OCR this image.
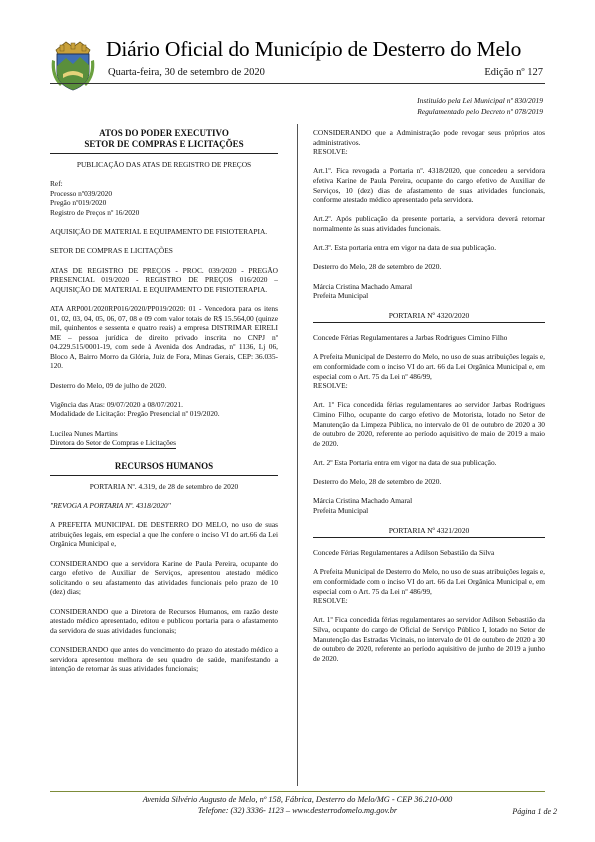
Diário Oficial do Município de Desterro do Melo
Quarta-feira, 30 de setembro de 2020	Edição nº 127
Instituído pela Lei Municipal nº 830/2019
Regulamentado pelo Decreto nº 078/2019
ATOS DO PODER EXECUTIVO
SETOR DE COMPRAS E LICITAÇÕES
PUBLICAÇÃO DAS ATAS DE REGISTRO DE PREÇOS
Ref:
Processo nº039/2020
Pregão nº019/2020
Registro de Preços nº 16/2020
AQUISIÇÃO DE MATERIAL E EQUIPAMENTO DE FISIOTERAPIA.
SETOR DE COMPRAS E LICITAÇÕES
ATAS DE REGISTRO DE PREÇOS - PROC. 039/2020 - PREGÃO PRESENCIAL 019/2020 - REGISTRO DE PREÇOS 016/2020 – AQUISIÇÃO DE MATERIAL E EQUIPAMENTO DE FISIOTERAPIA.
ATA ARP001/2020RP016/2020/PP019/2020: 01 - Vencedora para os itens 01, 02, 03, 04, 05, 06, 07, 08 e 09 com valor totais de R$ 15.564,00 (quinze mil, quinhentos e sessenta e quatro reais) a empresa DISTRIMAR EIRELI ME – pessoa jurídica de direito privado inscrita no CNPJ nº 04.229.515/0001-19, com sede à Avenida dos Andradas, nº 1136, Lj 06, Bloco A, Bairro Morro da Glória, Juiz de Fora, Minas Gerais, CEP: 36.035-120.
Desterro do Melo, 09 de julho de 2020.
Vigência das Atas: 09/07/2020 a 08/07/2021.
Modalidade de Licitação: Pregão Presencial nº 019/2020.
Lucilea Nunes Martins
Diretora do Setor de Compras e Licitações
RECURSOS HUMANOS
PORTARIA Nº. 4.319, de 28 de setembro de 2020
"REVOGA A PORTARIA Nº. 4318/2020"
A PREFEITA MUNICIPAL DE DESTERRO DO MELO, no uso de suas atribuições legais, em especial a que lhe confere o inciso VI do art.66 da Lei Orgânica Municipal e,
CONSIDERANDO que a servidora Karine de Paula Pereira, ocupante do cargo efetivo de Auxiliar de Serviços, apresentou atestado médico solicitando o seu afastamento das atividades funcionais pelo prazo de 10 (dez) dias;
CONSIDERANDO que a Diretora de Recursos Humanos, em razão deste atestado médico apresentado, editou e publicou portaria para o afastamento da servidora de suas atividades funcionais;
CONSIDERANDO que antes do vencimento do prazo do atestado médico a servidora apresentou melhora de seu quadro de saúde, manifestando a intenção de retornar às suas atividades funcionais;
CONSIDERANDO que a Administração pode revogar seus próprios atos administrativos.
RESOLVE:
Art.1º. Fica revogada a Portaria nº. 4318/2020, que concedeu a servidora efetiva Karine de Paula Pereira, ocupante do cargo efetivo de Auxiliar de Serviços, 10 (dez) dias de afastamento de suas atividades funcionais, conforme atestado médico apresentado pela servidora.
Art.2º. Após publicação da presente portaria, a servidora deverá retornar normalmente às suas atividades funcionais.
Art.3º. Esta portaria entra em vigor na data de sua publicação.
Desterro do Melo, 28 de setembro de 2020.
Márcia Cristina Machado Amaral
Prefeita Municipal
PORTARIA Nº 4320/2020
Concede Férias Regulamentares a Jarbas Rodrigues Cimino Filho
A Prefeita Municipal de Desterro do Melo, no uso de suas atribuições legais e, em conformidade com o inciso VI do art. 66 da Lei Orgânica Municipal e, em especial com o Art. 75 da Lei nº 486/99,
RESOLVE:
Art. 1º Fica concedida férias regulamentares ao servidor Jarbas Rodrigues Cimino Filho, ocupante do cargo efetivo de Motorista, lotado no Setor de Manutenção da Limpeza Pública, no intervalo de 01 de outubro de 2020 a 30 de outubro de 2020, referente ao período aquisitivo de maio de 2019 a maio de 2020.
Art. 2º Esta Portaria entra em vigor na data de sua publicação.
Desterro do Melo, 28 de setembro de 2020.
Márcia Cristina Machado Amaral
Prefeita Municipal
PORTARIA Nº 4321/2020
Concede Férias Regulamentares a Adilson Sebastião da Silva
A Prefeita Municipal de Desterro do Melo, no uso de suas atribuições legais e, em conformidade com o inciso VI do art. 66 da Lei Orgânica Municipal e, em especial com o Art. 75 da Lei nº 486/99,
RESOLVE:
Art. 1º Fica concedida férias regulamentares ao servidor Adilson Sebastião da Silva, ocupante do cargo de Oficial de Serviço Público I, lotado no Setor de Manutenção das Estradas Vicinais, no intervalo de 01 de outubro de 2020 a 30 de outubro de 2020, referente ao período aquisitivo de junho de 2019 a junho de 2020.
Avenida Silvério Augusto de Melo, nº 158, Fábrica, Desterro do Melo/MG - CEP 36.210-000
Telefone: (32) 3336- 1123 – www.desterrodomelo.mg.gov.br	Página 1 de 2
